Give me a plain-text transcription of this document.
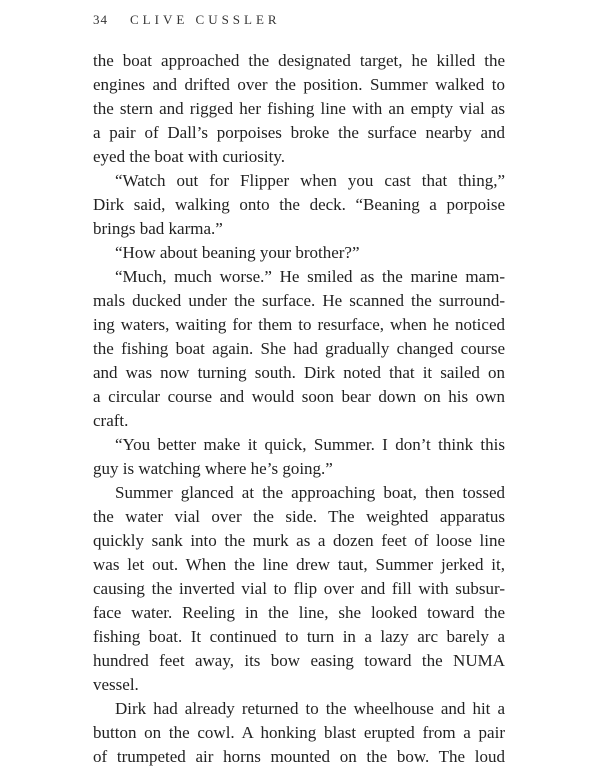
34 CLIVE CUSSLER
the boat approached the designated target, he killed the
engines and drifted over the position. Summer walked to
the stern and rigged her fishing line with an empty vial as
a pair of Dall’s porpoises broke the surface nearby and
eyed the boat with curiosity.
“Watch out for Flipper when you cast that thing,”
Dirk said, walking onto the deck. “Beaning a porpoise
brings bad karma.”
“How about beaning your brother?”
“Much, much worse.” He smiled as the marine mam-
mals ducked under the surface. He scanned the surround-
ing waters, waiting for them to resurface, when he noticed
the fishing boat again. She had gradually changed course
and was now turning south. Dirk noted that it sailed on
a circular course and would soon bear down on his own
craft.
“You better make it quick, Summer. I don’t think this
guy is watching where he’s going.”
Summer glanced at the approaching boat, then tossed
the water vial over the side. The weighted apparatus
quickly sank into the murk as a dozen feet of loose line
was let out. When the line drew taut, Summer jerked it,
causing the inverted vial to flip over and fill with subsur-
face water. Reeling in the line, she looked toward the
fishing boat. It continued to turn in a lazy arc barely a
hundred feet away, its bow easing toward the NUMA
vessel.
Dirk had already returned to the wheelhouse and hit a
button on the cowl. A honking blast erupted from a pair
of trumpeted air horns mounted on the bow. The loud
